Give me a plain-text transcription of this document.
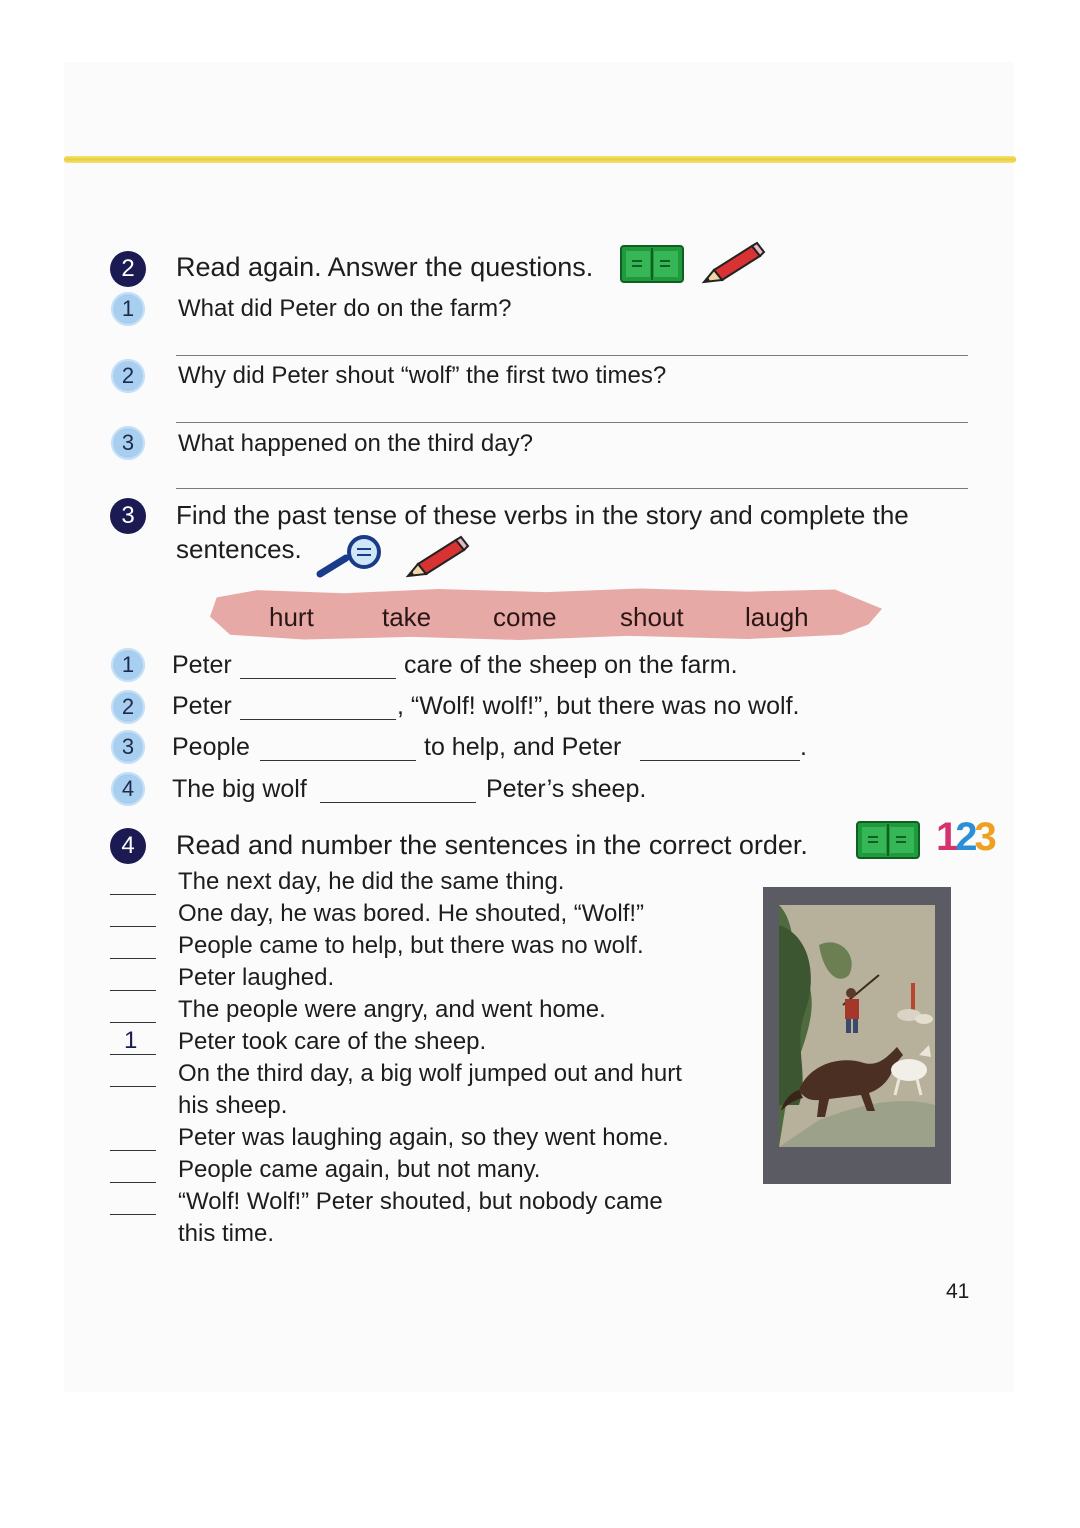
2	Read again. Answer the questions.
1	What did Peter do on the farm?
2	Why did Peter shout “wolf” the first two times?
3	What happened on the third day?
3	Find the past tense of these verbs in the story and complete the
sentences.
hurt	take come shout laugh
1	Peter	care of the sheep on the farm.
2	Peter	, “Wolf! wolf!”, but there was no wolf.
3	People	to help, and Peter	.
4	The big wolf	Peter’s sheep.
4	Read and number the sentences in the correct order.	123
The next day, he did the same thing.
One day, he was bored. He shouted, “Wolf!”
People came to help, but there was no wolf.
Peter laughed.
The people were angry, and went home.
1 Peter took care of the sheep.
On the third day, a big wolf jumped out and hurt
his sheep.
Peter was laughing again, so they went home.
People came again, but not many.
“Wolf! Wolf!” Peter shouted, but nobody came
this time.
41
